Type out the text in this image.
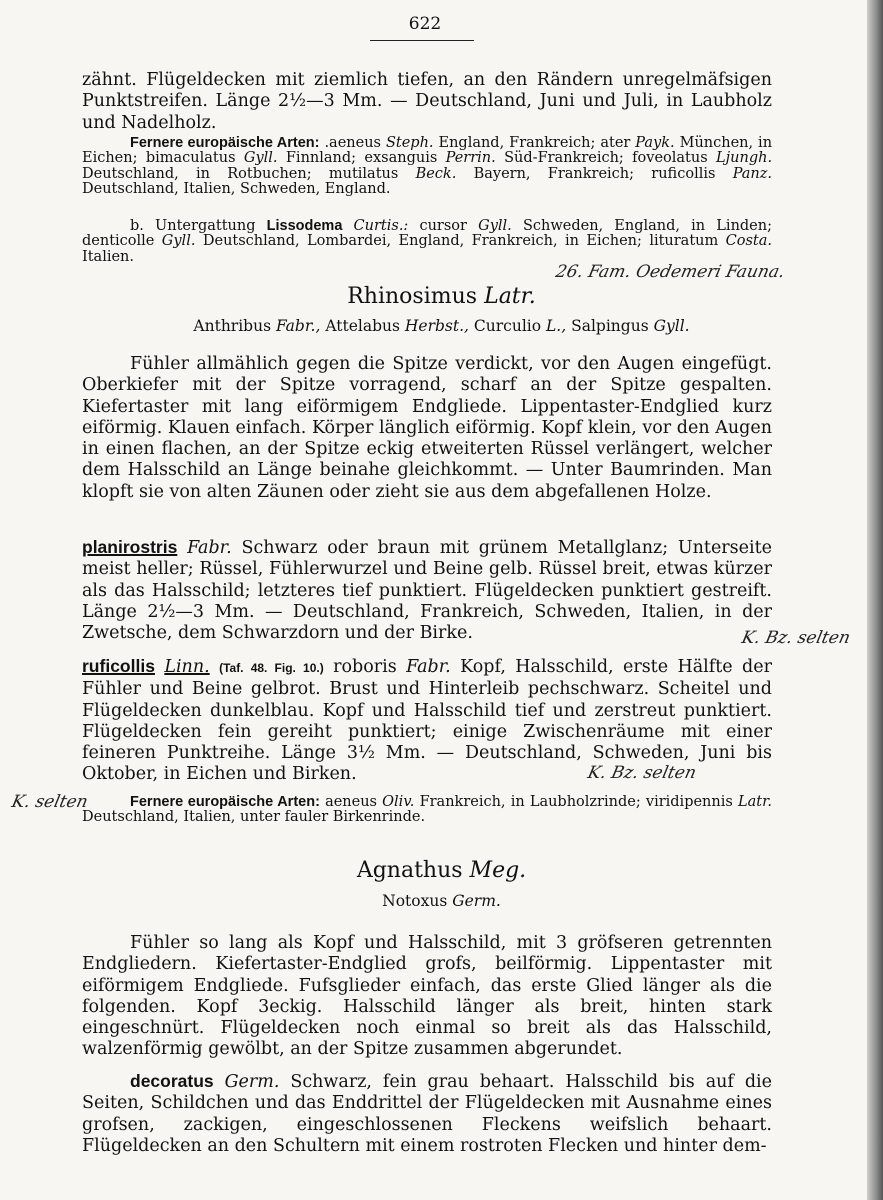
622
zähnt. Flügeldecken mit ziemlich tiefen, an den Rändern unregelmäfsigen Punktstreifen. Länge 2½—3 Mm. — Deutschland, Juni und Juli, in Laubholz und Nadelholz.
Fernere europäische Arten: .aeneus Steph. England, Frankreich; ater Payk. München, in Eichen; bimaculatus Gyll. Finnland; exsanguis Perrin. Süd-Frankreich; foveolatus Ljungh. Deutschland, in Rotbuchen; mutilatus Beck. Bayern, Frankreich; ruficollis Panz. Deutschland, Italien, Schweden, England.
b. Untergattung Lissodema Curtis.: cursor Gyll. Schweden, England, in Linden; denticolle Gyll. Deutschland, Lombardei, England, Frankreich, in Eichen; lituratum Costa. Italien.
26. Fam. Oedemeri Fauna.
Rhinosimus Latr.
Anthribus Fabr., Attelabus Herbst., Curculio L., Salpingus Gyll.
Fühler allmählich gegen die Spitze verdickt, vor den Augen eingefügt. Oberkiefer mit der Spitze vorragend, scharf an der Spitze gespalten. Kiefertaster mit lang eiförmigem Endgliede. Lippentaster-Endglied kurz eiförmig. Klauen einfach. Körper länglich eiförmig. Kopf klein, vor den Augen in einen flachen, an der Spitze eckig etweiterten Rüssel verlängert, welcher dem Halsschild an Länge beinahe gleichkommt. — Unter Baumrinden. Man klopft sie von alten Zäunen oder zieht sie aus dem abgefallenen Holze.
planirostris Fabr. Schwarz oder braun mit grünem Metallglanz; Unterseite meist heller; Rüssel, Fühlerwurzel und Beine gelb. Rüssel breit, etwas kürzer als das Halsschild; letzteres tief punktiert. Flügeldecken punktiert gestreift. Länge 2½—3 Mm. — Deutschland, Frankreich, Schweden, Italien, in der Zwetsche, dem Schwarzdorn und der Birke.	K. Bz. selten
ruficollis Linn. (Taf. 48. Fig. 10.) roboris Fabr. Kopf, Halsschild, erste Hälfte der Fühler und Beine gelbrot. Brust und Hinterleib pechschwarz. Scheitel und Flügeldecken dunkelblau. Kopf und Halsschild tief und zerstreut punktiert. Flügeldecken fein gereiht punktiert; einige Zwischenräume mit einer feineren Punktreihe. Länge 3½ Mm. — Deutschland, Schweden, Juni bis Oktober, in Eichen und Birken.	K. Bz. selten
K. selten	Fernere europäische Arten: aeneus Oliv. Frankreich, in Laubholzrinde; viridipennis Latr. Deutschland, Italien, unter fauler Birkenrinde.
Agnathus Meg.
Notoxus Germ.
Fühler so lang als Kopf und Halsschild, mit 3 gröfseren getrennten Endgliedern. Kiefertaster-Endglied grofs, beilförmig. Lippentaster mit eiförmigem Endgliede. Fufsglieder einfach, das erste Glied länger als die folgenden. Kopf 3eckig. Halsschild länger als breit, hinten stark eingeschnürt. Flügeldecken noch einmal so breit als das Halsschild, walzenförmig gewölbt, an der Spitze zusammen abgerundet.
decoratus Germ. Schwarz, fein grau behaart. Halsschild bis auf die Seiten, Schildchen und das Enddrittel der Flügeldecken mit Ausnahme eines grofsen, zackigen, eingeschlossenen Fleckens weifslich behaart. Flügeldecken an den Schultern mit einem rostroten Flecken und hinter dem-
